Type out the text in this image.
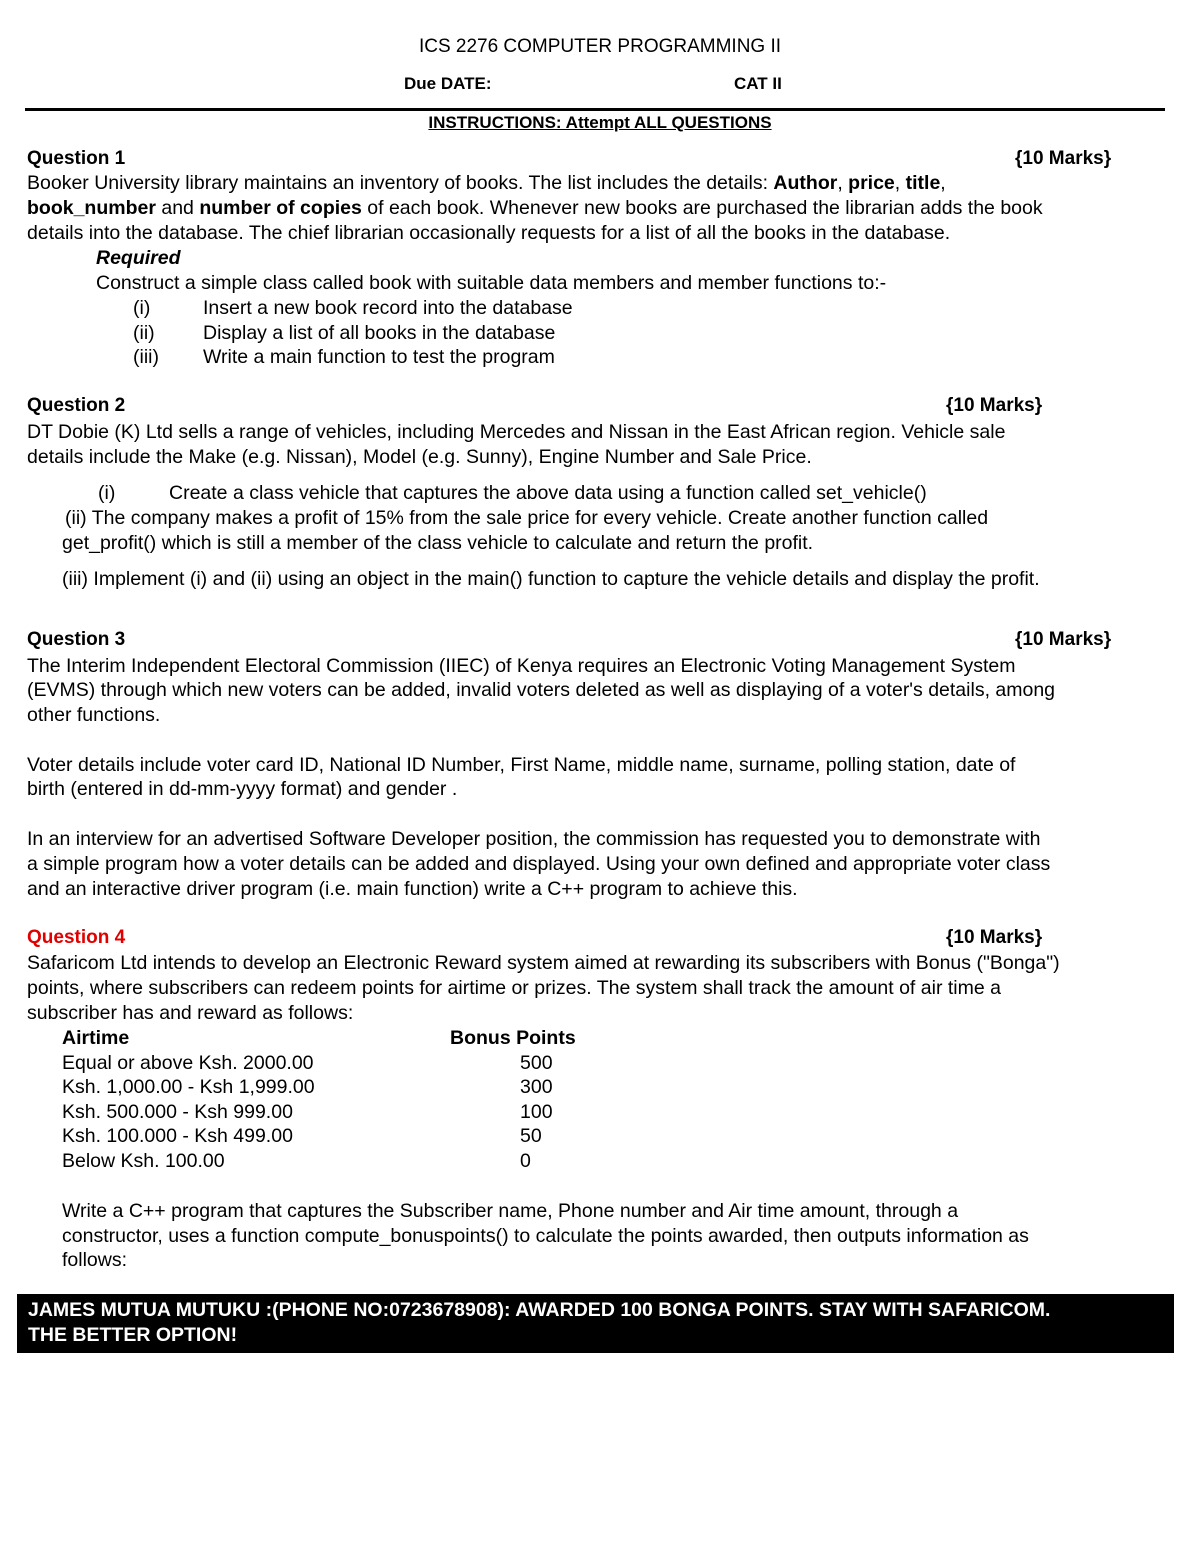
ICS 2276 COMPUTER PROGRAMMING II
Due DATE:	CAT II
INSTRUCTIONS: Attempt ALL QUESTIONS
Question 1	{10 Marks}
Booker University library maintains an inventory of books. The list includes the details: Author, price, title,
book_number and number of copies of each book. Whenever new books are purchased the librarian adds the book
details into the database. The chief librarian occasionally requests for a list of all the books in the database.
Required
Construct a simple class called book with suitable data members and member functions to:-
(i)	Insert a new book record into the database
(ii) Display a list of all books in the database
(iii) Write a main function to test the program
Question 2	{10 Marks}
DT Dobie (K) Ltd sells a range of vehicles, including Mercedes and Nissan in the East African region. Vehicle sale
details include the Make (e.g. Nissan), Model (e.g. Sunny), Engine Number and Sale Price.
(i)	Create a class vehicle that captures the above data using a function called set_vehicle()
(ii) The company makes a profit of 15% from the sale price for every vehicle. Create another function called
get_profit() which is still a member of the class vehicle to calculate and return the profit.
(iii) Implement (i) and (ii) using an object in the main() function to capture the vehicle details and display the profit.
Question 3	{10 Marks}
The Interim Independent Electoral Commission (IIEC) of Kenya requires an Electronic Voting Management System
(EVMS) through which new voters can be added, invalid voters deleted as well as displaying of a voter's details, among
other functions.
Voter details include voter card ID, National ID Number, First Name, middle name, surname, polling station, date of
birth (entered in dd-mm-yyyy format) and gender .
In an interview for an advertised Software Developer position, the commission has requested you to demonstrate with
a simple program how a voter details can be added and displayed. Using your own defined and appropriate voter class
and an interactive driver program (i.e. main function) write a C++ program to achieve this.
Question 4	{10 Marks}
Safaricom Ltd intends to develop an Electronic Reward system aimed at rewarding its subscribers with Bonus ("Bonga")
points, where subscribers can redeem points for airtime or prizes. The system shall track the amount of air time a
subscriber has and reward as follows:
Airtime	Bonus Points
Equal or above Ksh. 2000.00	500
Ksh. 1,000.00 - Ksh 1,999.00	300
Ksh. 500.000 - Ksh 999.00	100
Ksh. 100.000 - Ksh 499.00	50
Below Ksh. 100.00	0
Write a C++ program that captures the Subscriber name, Phone number and Air time amount, through a
constructor, uses a function compute_bonuspoints() to calculate the points awarded, then outputs information as
follows:
JAMES MUTUA MUTUKU :(PHONE NO:0723678908): AWARDED 100 BONGA POINTS. STAY WITH SAFARICOM.
THE BETTER OPTION!
